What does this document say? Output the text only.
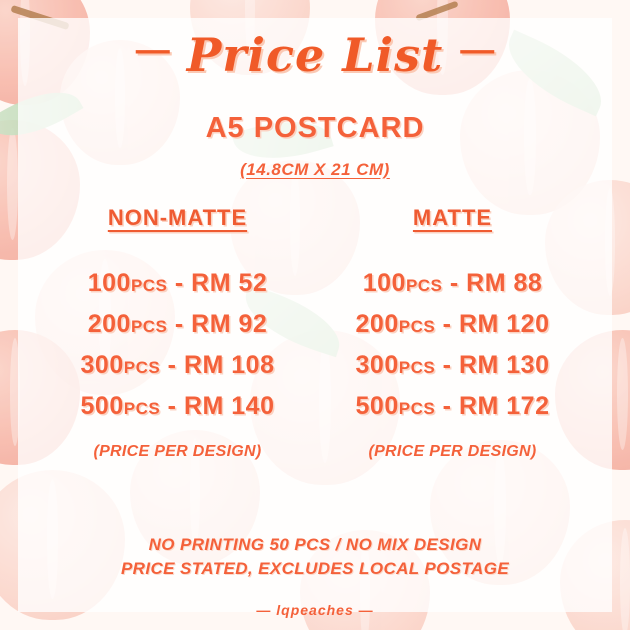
— Price List —
A5 POSTCARD
(14.8CM X 21 CM)
NON-MATTE
100PCS - RM 52
200PCS - RM 92
300PCS - RM 108
500PCS - RM 140
(PRICE PER DESIGN)
MATTE
100PCS - RM 88
200PCS - RM 120
300PCS - RM 130
500PCS - RM 172
(PRICE PER DESIGN)
NO PRINTING 50 PCS / NO MIX DESIGN
PRICE STATED, EXCLUDES LOCAL POSTAGE
— lqpeaches —
